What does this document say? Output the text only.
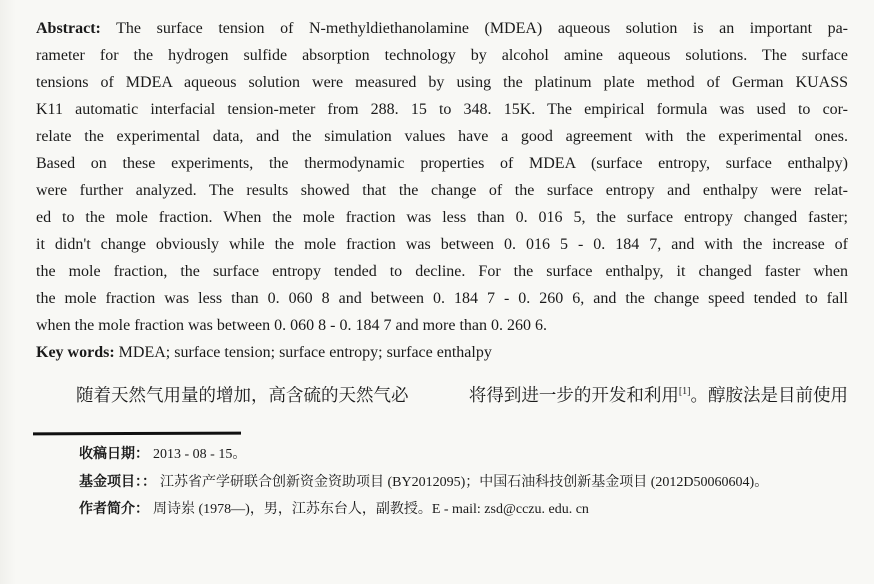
Abstract: The surface tension of N-methyldiethanolamine (MDEA) aqueous solution is an important pa-
rameter for the hydrogen sulfide absorption technology by alcohol amine aqueous solutions. The surface
tensions of MDEA aqueous solution were measured by using the platinum plate method of German KUASS
K11 automatic interfacial tension-meter from 288. 15 to 348. 15K. The empirical formula was used to cor-
relate the experimental data, and the simulation values have a good agreement with the experimental ones.
Based on these experiments, the thermodynamic properties of MDEA (surface entropy, surface enthalpy)
were further analyzed. The results showed that the change of the surface entropy and enthalpy were relat-
ed to the mole fraction. When the mole fraction was less than 0. 016 5, the surface entropy changed faster;
it didn't change obviously while the mole fraction was between 0. 016 5 - 0. 184 7, and with the increase of
the mole fraction, the surface entropy tended to decline. For the surface enthalpy, it changed faster when
the mole fraction was less than 0. 060 8 and between 0. 184 7 - 0. 260 6, and the change speed tended to fall
when the mole fraction was between 0. 060 8 - 0. 184 7 and more than 0. 260 6.
Key words: MDEA; surface tension; surface entropy; surface enthalpy
随着天然气用量的增加，高含硫的天然气必	将得到进一步的开发和利用[1]。醇胺法是目前使用
收稿日期： 2013 - 08 - 15。
基金项目：： 江苏省产学研联合创新资金资助项目 (BY2012095)；中国石油科技创新基金项目 (2012D50060604)。
作者简介： 周诗岽 (1978—)，男，江苏东台人，副教授。E - mail: zsd@cczu. edu. cn
